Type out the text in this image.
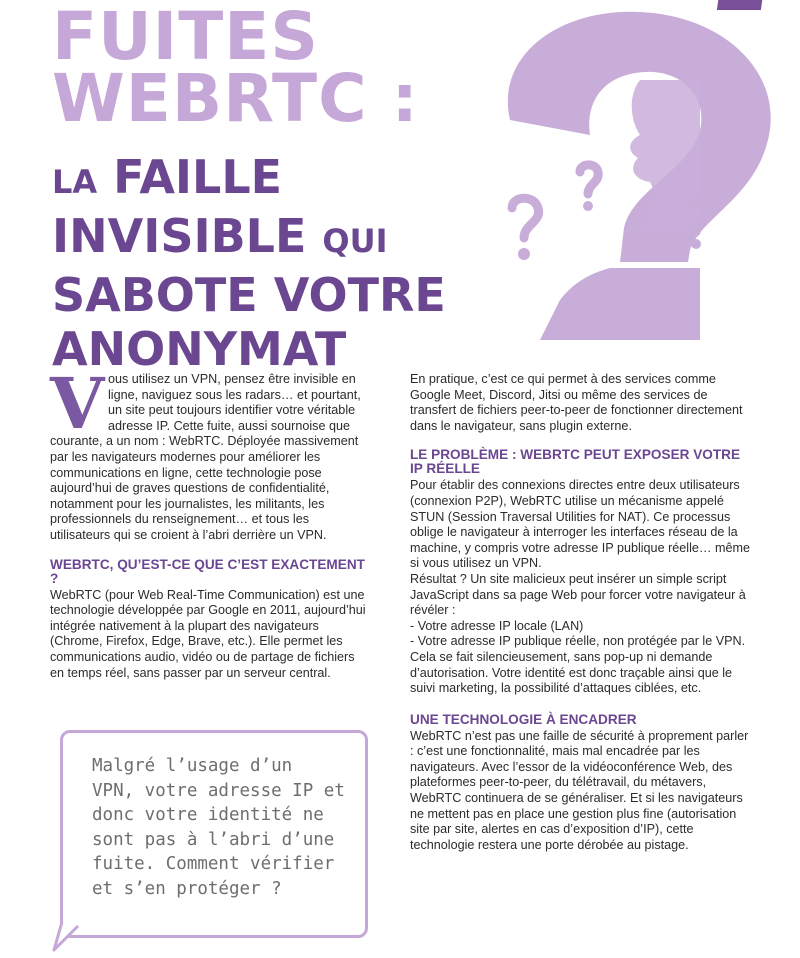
FUITES
WEBRTC :
LA FAILLE
INVISIBLE QUI
SABOTE VOTRE
ANONYMAT

Vous utilisez un VPN, pensez être invisible en ligne, naviguez sous les radars… et pourtant, un site peut toujours identifier votre véritable adresse IP. Cette fuite, aussi sournoise que courante, a un nom : WebRTC. Déployée massivement par les navigateurs modernes pour améliorer les communications en ligne, cette technologie pose aujourd’hui de graves questions de confidentialité, notamment pour les journalistes, les militants, les professionnels du renseignement… et tous les utilisateurs qui se croient à l’abri derrière un VPN.

WEBRTC, QU’EST-CE QUE C’EST EXACTEMENT ?

WebRTC (pour Web Real-Time Communication) est une technologie développée par Google en 2011, aujourd’hui intégrée nativement à la plupart des navigateurs (Chrome, Firefox, Edge, Brave, etc.). Elle permet les communications audio, vidéo ou de partage de fichiers en temps réel, sans passer par un serveur central.

Malgré l’usage d’un
VPN, votre adresse IP et
donc votre identité ne
sont pas à l’abri d’une
fuite. Comment vérifier
et s’en protéger ?

En pratique, c’est ce qui permet à des services comme Google Meet, Discord, Jitsi ou même des services de transfert de fichiers peer-to-peer de fonctionner directement dans le navigateur, sans plugin externe.

LE PROBLÈME : WEBRTC PEUT EXPOSER VOTRE IP RÉELLE

Pour établir des connexions directes entre deux utilisateurs (connexion P2P), WebRTC utilise un mécanisme appelé STUN (Session Traversal Utilities for NAT). Ce processus oblige le navigateur à interroger les interfaces réseau de la machine, y compris votre adresse IP publique réelle… même si vous utilisez un VPN.

Résultat ? Un site malicieux peut insérer un simple script JavaScript dans sa page Web pour forcer votre navigateur à révéler :

- Votre adresse IP locale (LAN)

- Votre adresse IP publique réelle, non protégée par le VPN.

Cela se fait silencieusement, sans pop-up ni demande d’autorisation. Votre identité est donc traçable ainsi que le suivi marketing, la possibilité d’attaques ciblées, etc.

UNE TECHNOLOGIE À ENCADRER

WebRTC n’est pas une faille de sécurité à proprement parler : c’est une fonctionnalité, mais mal encadrée par les navigateurs. Avec l’essor de la vidéoconférence Web, des plateformes peer-to-peer, du télétravail, du métavers, WebRTC continuera de se généraliser. Et si les navigateurs ne mettent pas en place une gestion plus fine (autorisation site par site, alertes en cas d’exposition d’IP), cette technologie restera une porte dérobée au pistage.
